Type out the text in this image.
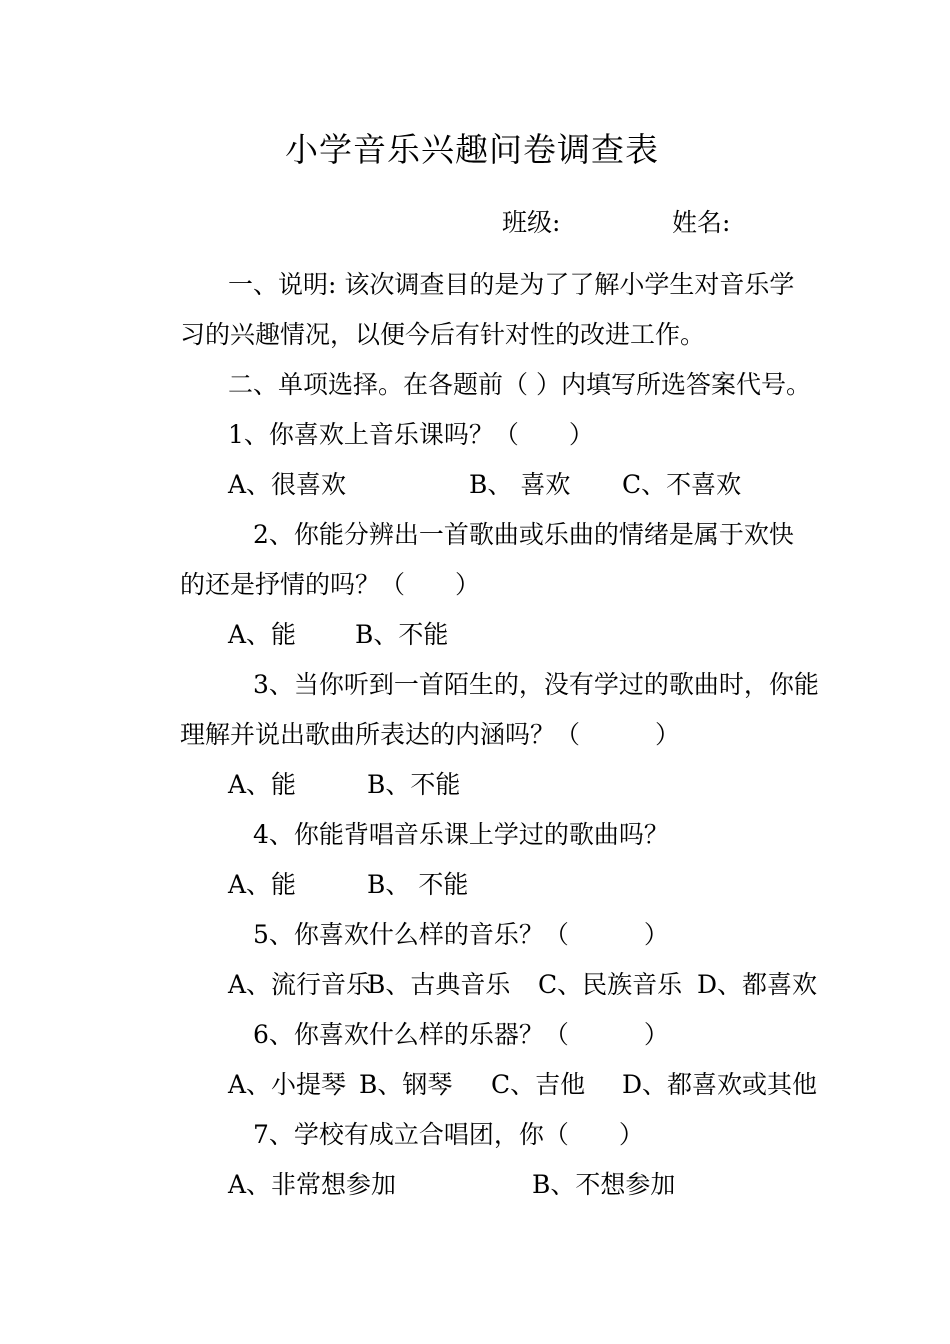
小学音乐兴趣问卷调查表
班级:	姓名:
一、说明: 该次调查目的是为了了解小学生对音乐学
习的兴趣情况，以便今后有针对性的改进工作。
二、单项选择。在各题前（ ）内填写所选答案代号。
1、你喜欢上音乐课吗？（　　）
A、很喜欢	B、 喜欢 C、不喜欢
2、你能分辨出一首歌曲或乐曲的情绪是属于欢快
的还是抒情的吗？（　　）
A、能 B、不能
3、当你听到一首陌生的，没有学过的歌曲时，你能
理解并说出歌曲所表达的内涵吗？（　　　）
A、能	B、不能
4、你能背唱音乐课上学过的歌曲吗？
A、能	B、 不能
5、你喜欢什么样的音乐？（　　　）
A、流行音乐
B、古典音乐 C、民族音乐 D、都喜欢
6、你喜欢什么样的乐器？（　　　）
A、小提琴 B、钢琴 C、吉他 D、都喜欢或其他
7、学校有成立合唱团，你（　　）
A、非常想参加	B、不想参加
